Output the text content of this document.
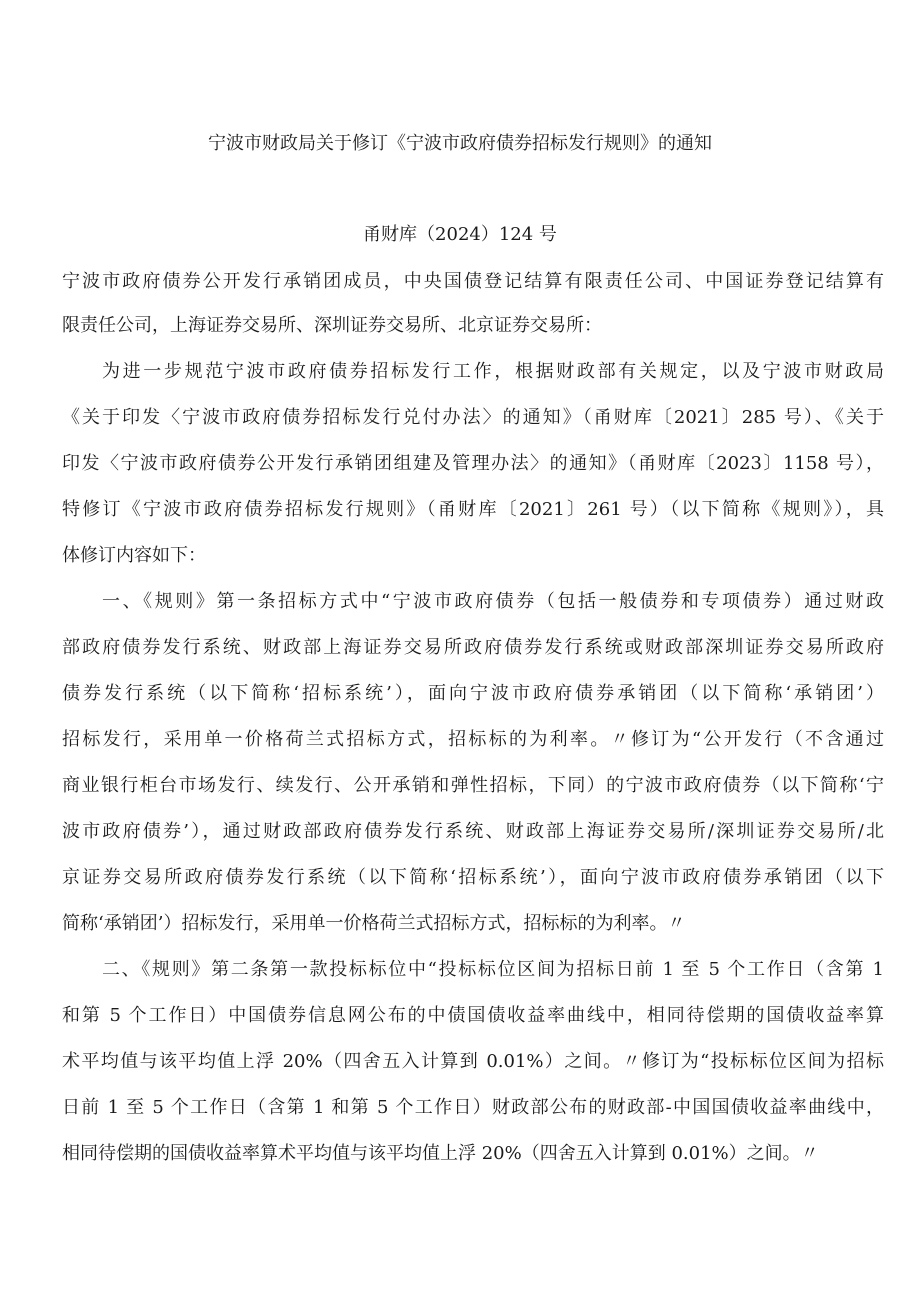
宁波市财政局关于修订《宁波市政府债券招标发行规则》的通知
甬财库（2024）124 号
宁波市政府债券公开发行承销团成员，中央国债登记结算有限责任公司、中国证券登记结算有
限责任公司，上海证券交易所、深圳证券交易所、北京证券交易所：
为进一步规范宁波市政府债券招标发行工作，根据财政部有关规定，以及宁波市财政局
《关于印发〈宁波市政府债券招标发行兑付办法〉的通知》（甬财库〔2021〕285 号）、《关于
印发〈宁波市政府债券公开发行承销团组建及管理办法〉的通知》（甬财库〔2023〕1158 号），
特修订《宁波市政府债券招标发行规则》（甬财库〔2021〕261 号）（以下简称《规则》），具
体修订内容如下：
一、《规则》第一条招标方式中“宁波市政府债券（包括一般债券和专项债券）通过财政
部政府债券发行系统、财政部上海证券交易所政府债券发行系统或财政部深圳证券交易所政府
债券发行系统（以下简称‘招标系统’），面向宁波市政府债券承销团（以下简称‘承销团’）
招标发行，采用单一价格荷兰式招标方式，招标标的为利率。〃修订为“公开发行（不含通过
商业银行柜台市场发行、续发行、公开承销和弹性招标，下同）的宁波市政府债券（以下简称‘宁
波市政府债券’），通过财政部政府债券发行系统、财政部上海证券交易所/深圳证券交易所/北
京证券交易所政府债券发行系统（以下简称‘招标系统’），面向宁波市政府债券承销团（以下
简称‘承销团’）招标发行，采用单一价格荷兰式招标方式，招标标的为利率。〃
二、《规则》第二条第一款投标标位中“投标标位区间为招标日前 1 至 5 个工作日（含第 1
和第 5 个工作日）中国债券信息网公布的中债国债收益率曲线中，相同待偿期的国债收益率算
术平均值与该平均值上浮 20%（四舍五入计算到 0.01%）之间。〃修订为“投标标位区间为招标
日前 1 至 5 个工作日（含第 1 和第 5 个工作日）财政部公布的财政部-中国国债收益率曲线中，
相同待偿期的国债收益率算术平均值与该平均值上浮 20%（四舍五入计算到 0.01%）之间。〃
